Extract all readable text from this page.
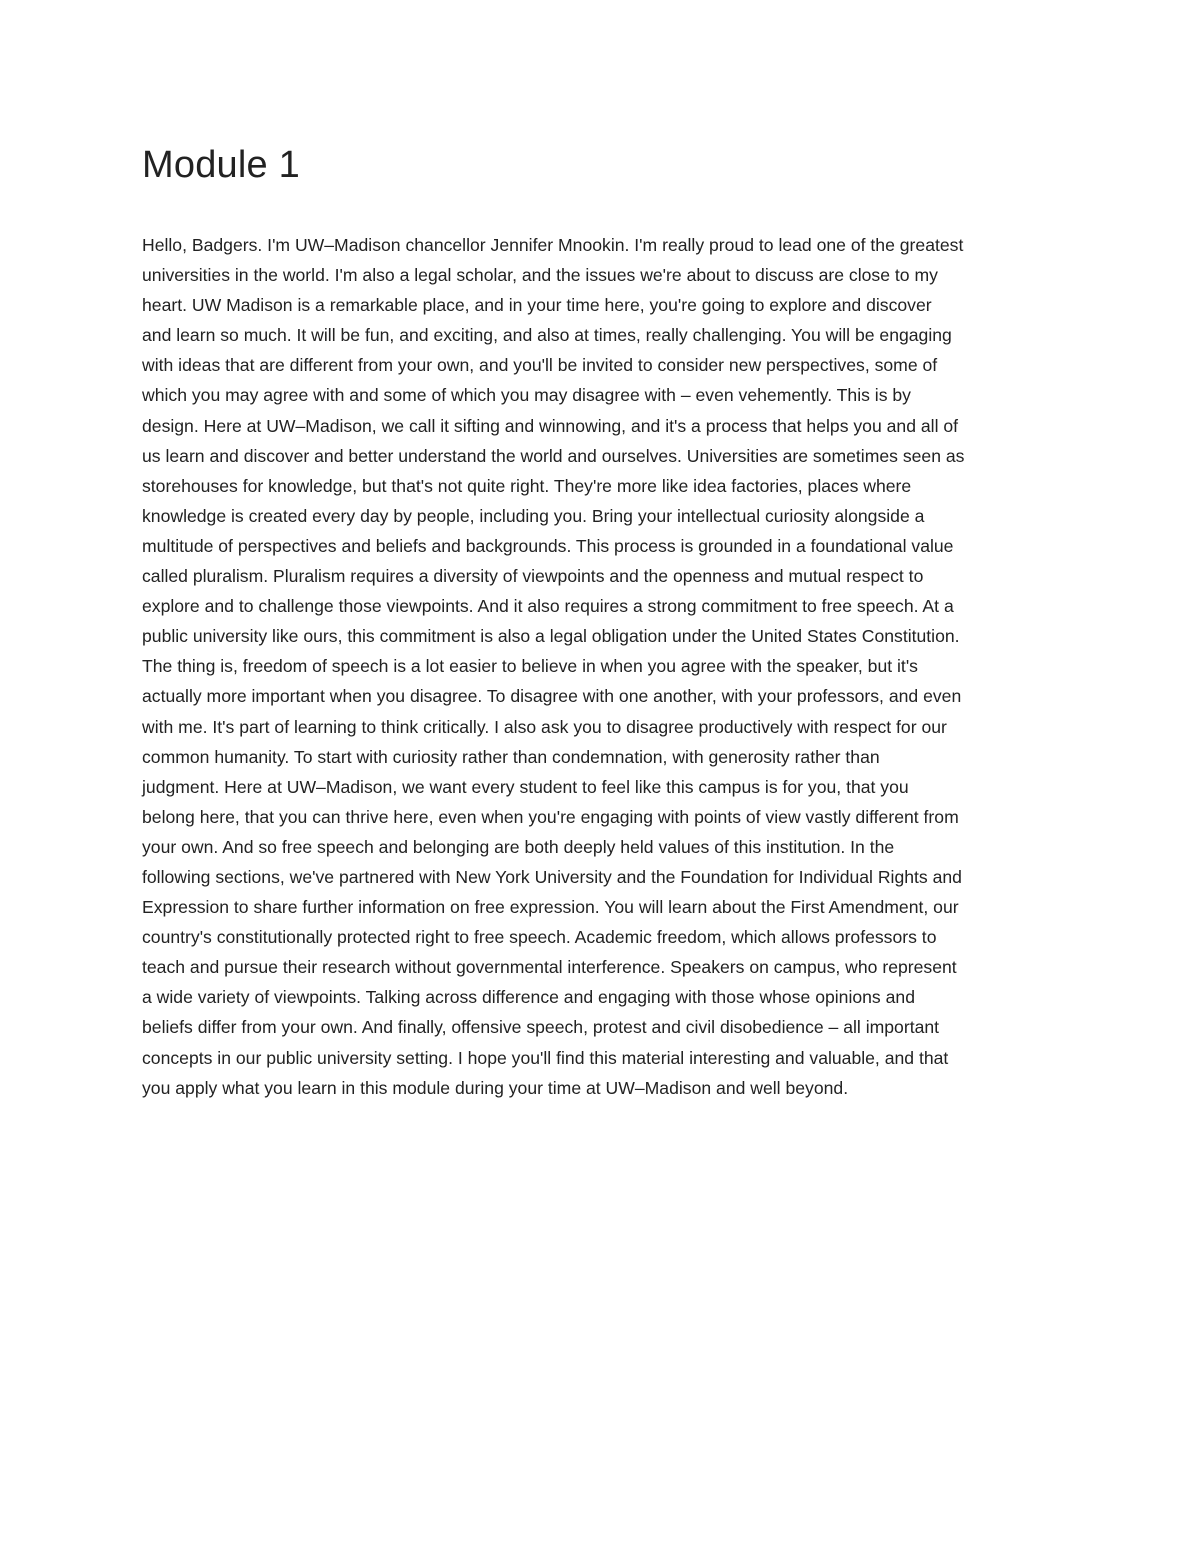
Module 1
Hello, Badgers. I'm UW–Madison chancellor Jennifer Mnookin. I'm really proud to lead one of the greatest
universities in the world. I'm also a legal scholar, and the issues we're about to discuss are close to my
heart. UW Madison is a remarkable place, and in your time here, you're going to explore and discover
and learn so much. It will be fun, and exciting, and also at times, really challenging. You will be engaging
with ideas that are different from your own, and you'll be invited to consider new perspectives, some of
which you may agree with and some of which you may disagree with – even vehemently. This is by
design. Here at UW–Madison, we call it sifting and winnowing, and it's a process that helps you and all of
us learn and discover and better understand the world and ourselves. Universities are sometimes seen as
storehouses for knowledge, but that's not quite right. They're more like idea factories, places where
knowledge is created every day by people, including you. Bring your intellectual curiosity alongside a
multitude of perspectives and beliefs and backgrounds. This process is grounded in a foundational value
called pluralism. Pluralism requires a diversity of viewpoints and the openness and mutual respect to
explore and to challenge those viewpoints. And it also requires a strong commitment to free speech. At a
public university like ours, this commitment is also a legal obligation under the United States Constitution.
The thing is, freedom of speech is a lot easier to believe in when you agree with the speaker, but it's
actually more important when you disagree. To disagree with one another, with your professors, and even
with me. It's part of learning to think critically. I also ask you to disagree productively with respect for our
common humanity. To start with curiosity rather than condemnation, with generosity rather than
judgment. Here at UW–Madison, we want every student to feel like this campus is for you, that you
belong here, that you can thrive here, even when you're engaging with points of view vastly different from
your own. And so free speech and belonging are both deeply held values of this institution. In the
following sections, we've partnered with New York University and the Foundation for Individual Rights and
Expression to share further information on free expression. You will learn about the First Amendment, our
country's constitutionally protected right to free speech. Academic freedom, which allows professors to
teach and pursue their research without governmental interference. Speakers on campus, who represent
a wide variety of viewpoints. Talking across difference and engaging with those whose opinions and
beliefs differ from your own. And finally, offensive speech, protest and civil disobedience – all important
concepts in our public university setting. I hope you'll find this material interesting and valuable, and that
you apply what you learn in this module during your time at UW–Madison and well beyond.
